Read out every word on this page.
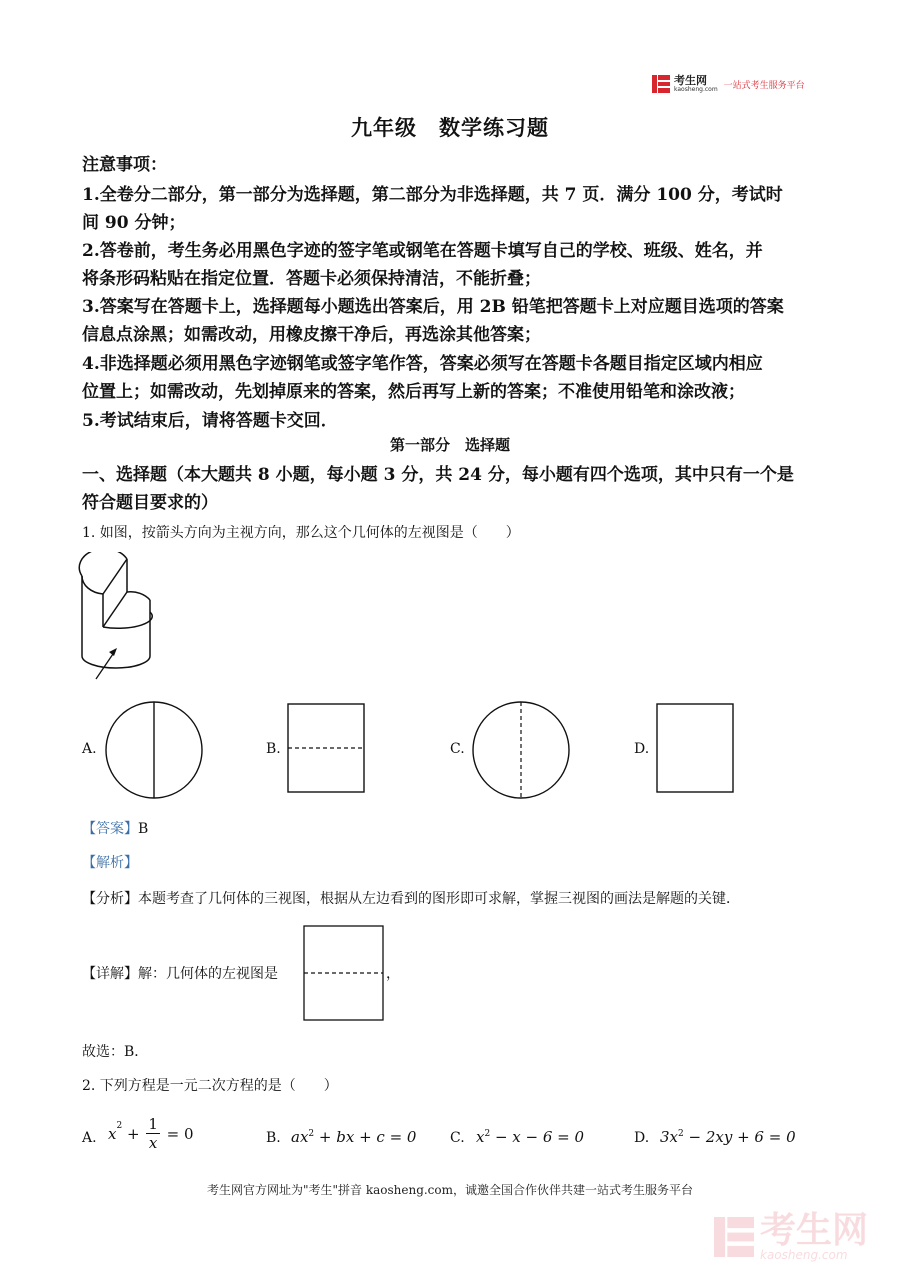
考生网
kaosheng.com 一站式考生服务平台
九年级　数学练习题
注意事项：
1.全卷分二部分，第一部分为选择题，第二部分为非选择题，共 7 页．满分 100 分，考试时
间 90 分钟；
2.答卷前，考生务必用黑色字迹的签字笔或钢笔在答题卡填写自己的学校、班级、姓名，并
将条形码粘贴在指定位置．答题卡必须保持清洁，不能折叠；
3.答案写在答题卡上，选择题每小题选出答案后，用 2B 铅笔把答题卡上对应题目选项的答案
信息点涂黑；如需改动，用橡皮擦干净后，再选涂其他答案；
4.非选择题必须用黑色字迹钢笔或签字笔作答，答案必须写在答题卡各题目指定区域内相应
位置上；如需改动，先划掉原来的答案，然后再写上新的答案；不准使用铅笔和涂改液；
5.考试结束后，请将答题卡交回．
第一部分　选择题
一、选择题（本大题共 8 小题，每小题 3 分，共 24 分，每小题有四个选项，其中只有一个是
符合题目要求的）
1. 如图，按箭头方向为主视方向，那么这个几何体的左视图是（　　）
A.	B.	C.	D.
【答案】B
【解析】
【分析】本题考查了几何体的三视图，根据从左边看到的图形即可求解，掌握三视图的画法是解题的关键．
【详解】解：几何体的左视图是	，
故选：B．
2. 下列方程是一元二次方程的是（　　）
A. $x^2 + \frac{1}{x} = 0$	B. $ax^2$ + bx + c = 0 C. $x^2 - x - 6 = 0$	D. $3x^2 - 2xy + 6 = 0$
考生网官方网址为"考生"拼音 kaosheng.com，诚邀全国合作伙伴共建一站式考生服务平台
考生网
kaosheng.com
